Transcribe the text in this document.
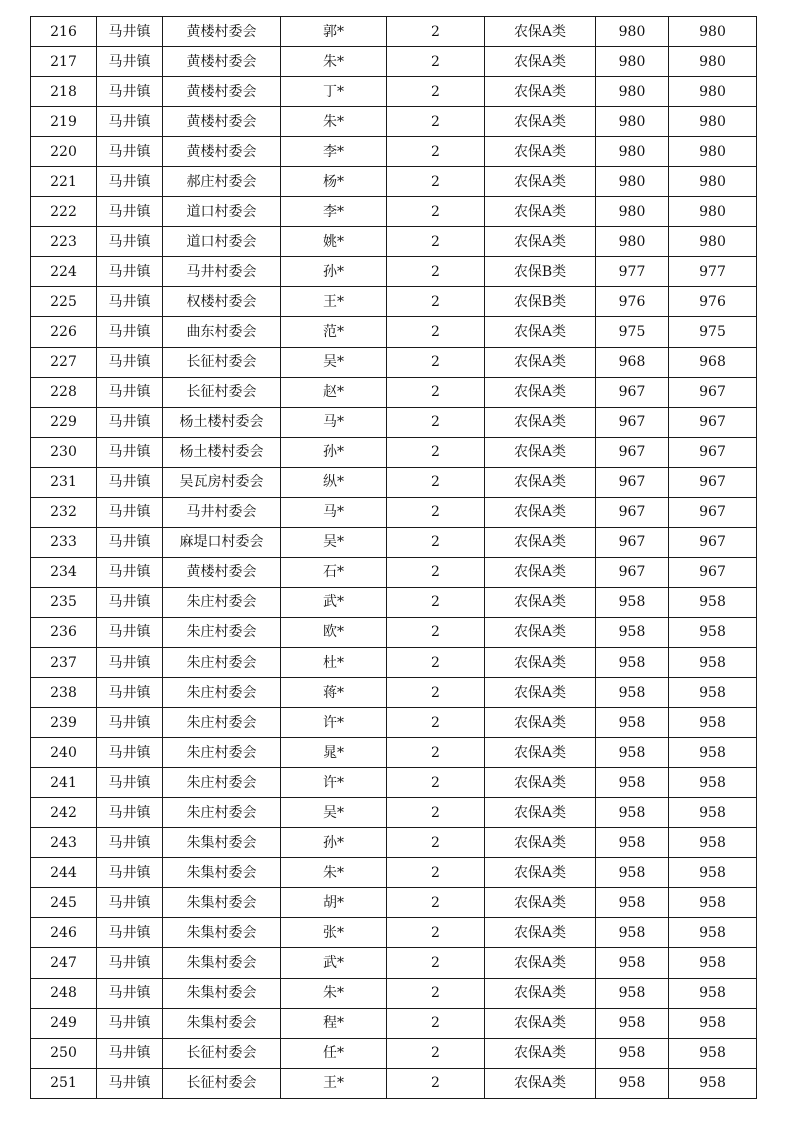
216	马井镇	黄楼村委会	郭*	2	农保A类	980	980
217	马井镇	黄楼村委会	朱*	2	农保A类	980	980
218	马井镇	黄楼村委会	丁*	2	农保A类	980	980
219	马井镇	黄楼村委会	朱*	2	农保A类	980	980
220	马井镇	黄楼村委会	李*	2	农保A类	980	980
221	马井镇	郝庄村委会	杨*	2	农保A类	980	980
222	马井镇	道口村委会	李*	2	农保A类	980	980
223	马井镇	道口村委会	姚*	2	农保A类	980	980
224	马井镇	马井村委会	孙*	2	农保B类	977	977
225	马井镇	权楼村委会	王*	2	农保B类	976	976
226	马井镇	曲东村委会	范*	2	农保A类	975	975
227	马井镇	长征村委会	吴*	2	农保A类	968	968
228	马井镇	长征村委会	赵*	2	农保A类	967	967
229	马井镇	杨土楼村委会	马*	2	农保A类	967	967
230	马井镇	杨土楼村委会	孙*	2	农保A类	967	967
231	马井镇	吴瓦房村委会	纵*	2	农保A类	967	967
232	马井镇	马井村委会	马*	2	农保A类	967	967
233	马井镇	麻堤口村委会	吴*	2	农保A类	967	967
234	马井镇	黄楼村委会	石*	2	农保A类	967	967
235	马井镇	朱庄村委会	武*	2	农保A类	958	958
236	马井镇	朱庄村委会	欧*	2	农保A类	958	958
237	马井镇	朱庄村委会	杜*	2	农保A类	958	958
238	马井镇	朱庄村委会	蒋*	2	农保A类	958	958
239	马井镇	朱庄村委会	许*	2	农保A类	958	958
240	马井镇	朱庄村委会	晁*	2	农保A类	958	958
241	马井镇	朱庄村委会	许*	2	农保A类	958	958
242	马井镇	朱庄村委会	吴*	2	农保A类	958	958
243	马井镇	朱集村委会	孙*	2	农保A类	958	958
244	马井镇	朱集村委会	朱*	2	农保A类	958	958
245	马井镇	朱集村委会	胡*	2	农保A类	958	958
246	马井镇	朱集村委会	张*	2	农保A类	958	958
247	马井镇	朱集村委会	武*	2	农保A类	958	958
248	马井镇	朱集村委会	朱*	2	农保A类	958	958
249	马井镇	朱集村委会	程*	2	农保A类	958	958
250	马井镇	长征村委会	任*	2	农保A类	958	958
251	马井镇	长征村委会	王*	2	农保A类	958	958
